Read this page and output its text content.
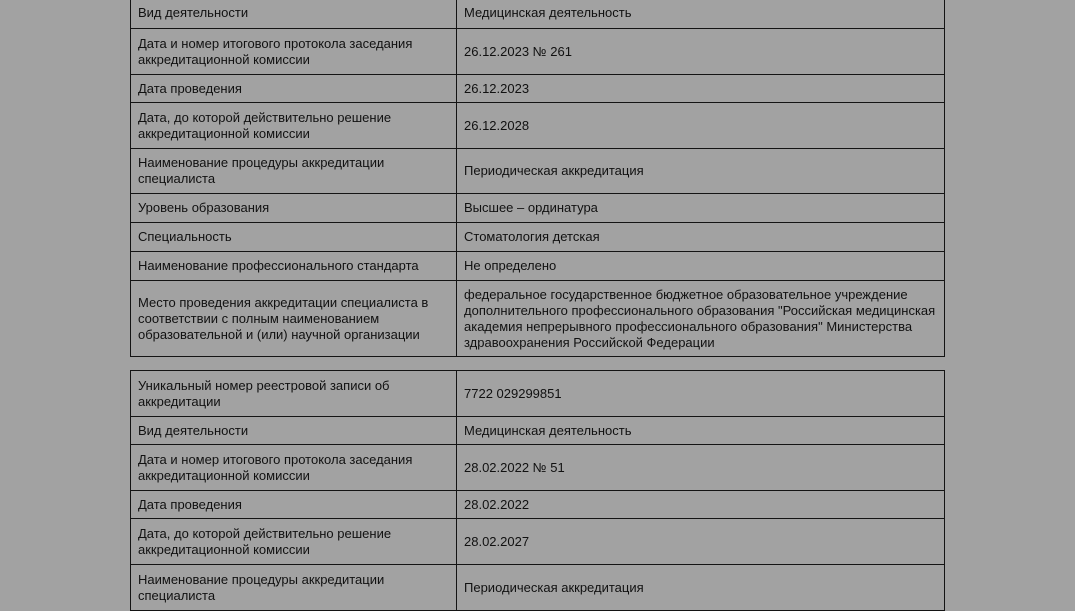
Вид деятельности	Медицинская деятельность
Дата и номер итогового протокола заседания аккредитационной комиссии	26.12.2023 № 261
Дата проведения	26.12.2023
Дата, до которой действительно решение аккредитационной комиссии	26.12.2028
Наименование процедуры аккредитации специалиста	Периодическая аккредитация
Уровень образования	Высшее – ординатура
Специальность	Стоматология детская
Наименование профессионального стандарта	Не определено
Место проведения аккредитации специалиста в соответствии с полным наименованием образовательной и (или) научной организации	федеральное государственное бюджетное образовательное учреждение дополнительного профессионального образования "Российская медицинская академия непрерывного профессионального образования" Министерства здравоохранения Российской Федерации
Уникальный номер реестровой записи об аккредитации	7722 029299851
Вид деятельности	Медицинская деятельность
Дата и номер итогового протокола заседания аккредитационной комиссии	28.02.2022 № 51
Дата проведения	28.02.2022
Дата, до которой действительно решение аккредитационной комиссии	28.02.2027
Наименование процедуры аккредитации специалиста	Периодическая аккредитация
